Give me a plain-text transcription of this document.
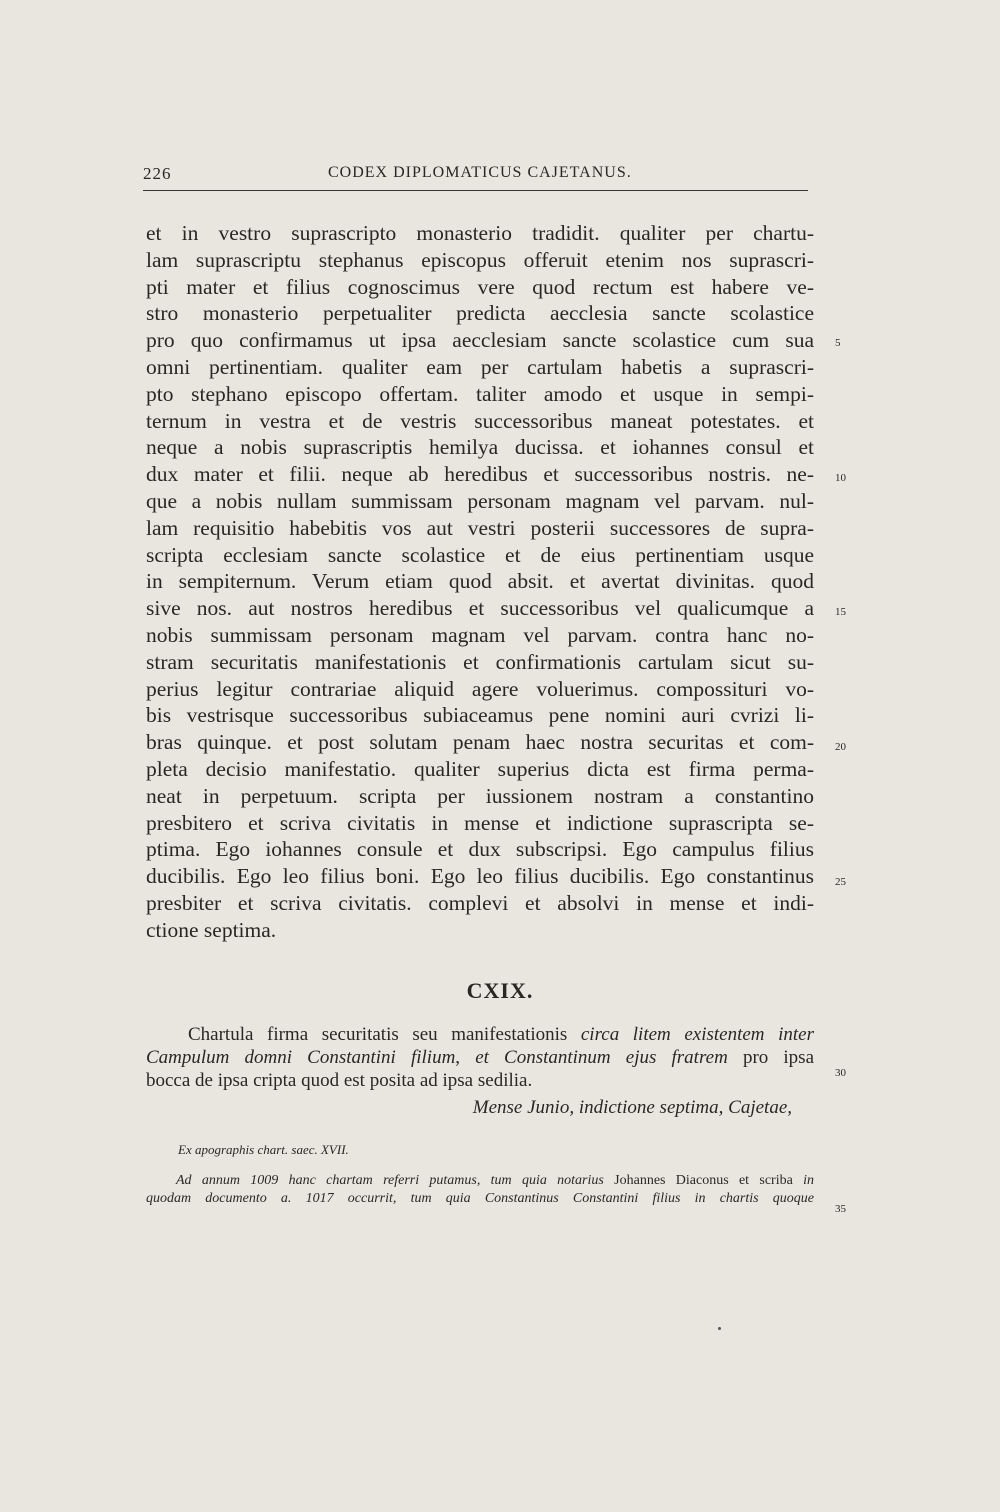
226	CODEX DIPLOMATICUS CAJETANUS.
et in vestro suprascripto monasterio tradidit. qualiter per chartu-
lam suprascriptu stephanus episcopus offeruit etenim nos suprascri-
pti mater et filius cognoscimus vere quod rectum est habere ve-
stro monasterio perpetualiter predicta aecclesia sancte scolastice
pro quo confirmamus ut ipsa aecclesiam sancte scolastice cum sua
omni pertinentiam. qualiter eam per cartulam habetis a suprascri-
pto stephano episcopo offertam. taliter amodo et usque in sempi-
ternum in vestra et de vestris successoribus maneat potestates. et
neque a nobis suprascriptis hemilya ducissa. et iohannes consul et
dux mater et filii. neque ab heredibus et successoribus nostris. ne-
que a nobis nullam summissam personam magnam vel parvam. nul-
lam requisitio habebitis vos aut vestri posterii successores de supra-
scripta ecclesiam sancte scolastice et de eius pertinentiam usque
in sempiternum. Verum etiam quod absit. et avertat divinitas. quod
sive nos. aut nostros heredibus et successoribus vel qualicumque a
nobis summissam personam magnam vel parvam. contra hanc no-
stram securitatis manifestationis et confirmationis cartulam sicut su-
perius legitur contrariae aliquid agere voluerimus. compossituri vo-
bis vestrisque successoribus subiaceamus pene nomini auri cvrizi li-
bras quinque. et post solutam penam haec nostra securitas et com-
pleta decisio manifestatio. qualiter superius dicta est firma perma-
neat in perpetuum. scripta per iussionem nostram a constantino
presbitero et scriva civitatis in mense et indictione suprascripta se-
ptima. Ego iohannes consule et dux subscripsi. Ego campulus filius
ducibilis. Ego leo filius boni. Ego leo filius ducibilis. Ego constantinus
presbiter et scriva civitatis. complevi et absolvi in mense et indi-
ctione septima.
5
10
15
20
25
30
35
CXIX.
Chartula firma securitatis seu manifestationis circa litem existentem inter
Campulum domni Constantini filium, et Constantinum ejus fratrem pro ipsa
bocca de ipsa cripta quod est posita ad ipsa sedilia.
Mense Junio, indictione septima, Cajetae,
Ex apographis chart. saec. XVII.
Ad annum 1009 hanc chartam referri putamus, tum quia notarius Johannes Diaconus et scriba in
quodam documento a. 1017 occurrit, tum quia Constantinus Constantini filius in chartis quoque
